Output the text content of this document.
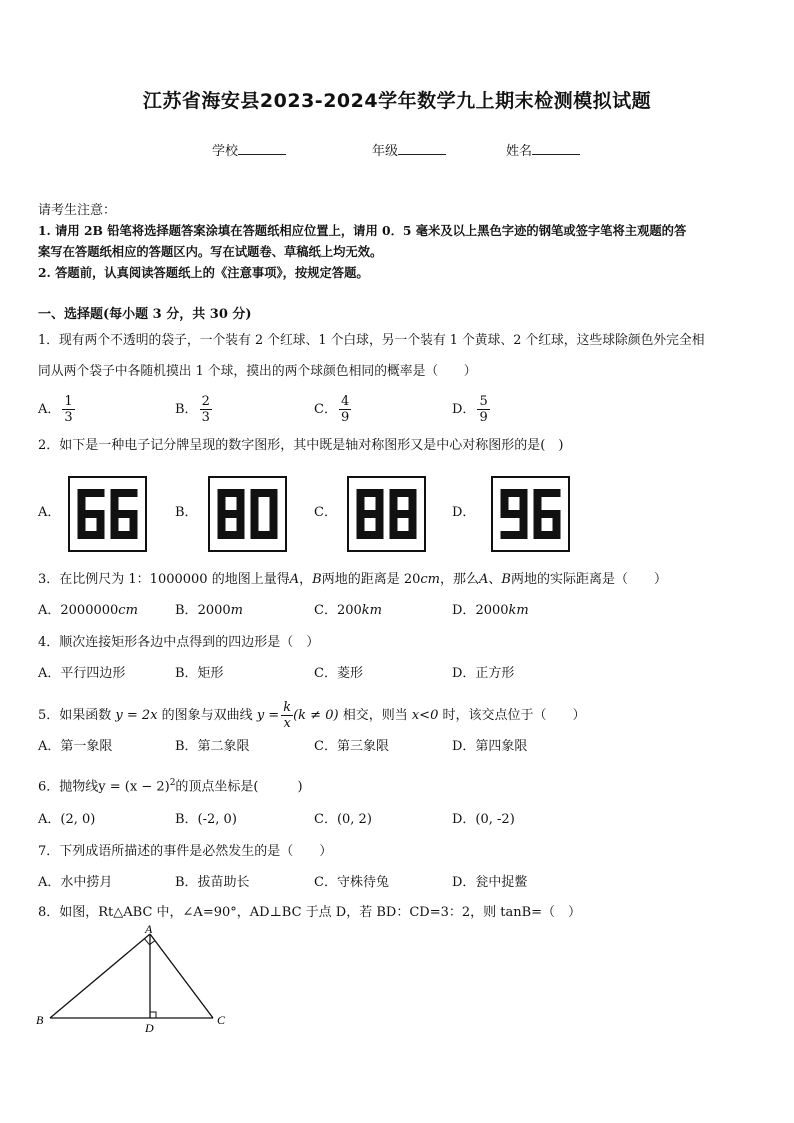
江苏省海安县2023-2024学年数学九上期末检测模拟试题
学校	年级	姓名
请考生注意：
1. 请用 2B 铅笔将选择题答案涂填在答题纸相应位置上，请用 0．5 毫米及以上黑色字迹的钢笔或签字笔将主观题的答
案写在答题纸相应的答题区内。写在试题卷、草稿纸上均无效。
2. 答题前，认真阅读答题纸上的《注意事项》，按规定答题。
一、选择题(每小题 3 分，共 30 分)
1．现有两个不透明的袋子，一个装有 2 个红球、1 个白球，另一个装有 1 个黄球、2 个红球，这些球除颜色外完全相
同从两个袋子中各随机摸出 1 个球，摸出的两个球颜色相同的概率是（　　）
A． $\frac{1}{3}$	B． $\frac{2}{3}$	C． $\frac{4}{9}$	D． $\frac{5}{9}$
2．如下是一种电子记分牌呈现的数字图形，其中既是轴对称图形又是中心对称图形的是(　)
A．	B．	C．	D．
3．在比例尺为 1：1000000 的地图上量得A，B两地的距离是 20cm，那么A、B两地的实际距离是（　　）
A．2000000cm	B．2000m	C．200km	D．2000km
4．顺次连接矩形各边中点得到的四边形是（　）
A．平行四边形	B．矩形	C．菱形	D．正方形
5．如果函数 y = 2x 的图象与双曲线 $y = \frac{k}{x} (k \ne 0)$ 相交，则当 x<0 时，该交点位于（　　）
A．第一象限	B．第二象限	C．第三象限	D．第四象限
6．抛物线$y = (x - 2)^2$的顶点坐标是(　　　)
A．(2, 0)	B．(-2, 0)	C．(0, 2)	D．(0, -2)
7．下列成语所描述的事件是必然发生的是（　　）
A．水中捞月	B．拔苗助长	C．守株待兔	D．瓮中捉鳖
8．如图，Rt△ABC 中，∠A=90°，AD⊥BC 于点 D，若 BD：CD=3：2，则 tanB=（　）
A
B	C
D
